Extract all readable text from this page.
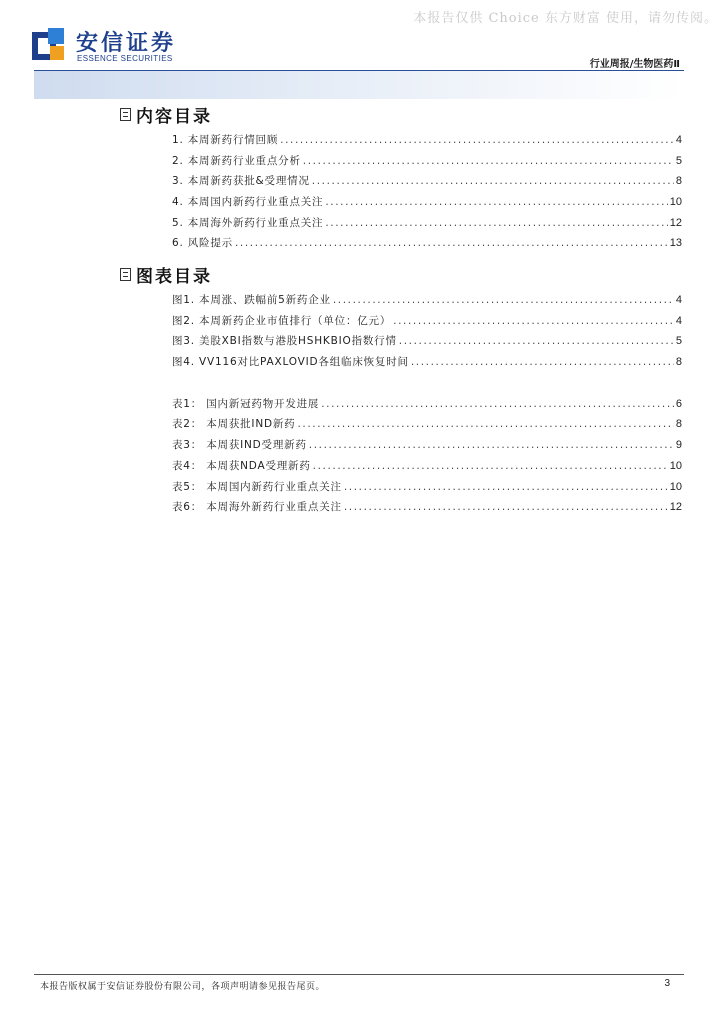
本报告仅供 Choice 东方财富 使用，请勿传阅。
安信证券
ESSENCE SECURITIES
行业周报/生物医药Ⅱ
内容目录
1. 本周新药行情回顾 .....	4
2. 本周新药行业重点分析 .....	5
3. 本周新药获批&受理情况 .....	8
4. 本周国内新药行业重点关注 .....	10
5. 本周海外新药行业重点关注 .....	12
6. 风险提示 .....	13
图表目录
图1. 本周涨、跌幅前5新药企业 .....	4
图2. 本周新药企业市值排行（单位：亿元） .....	4
图3. 美股XBI指数与港股HSHKBIO指数行情 .....	5
图4. VV116对比PAXLOVID各组临床恢复时间 .....	8
表1： 国内新冠药物开发进展 .....	6
表2： 本周获批IND新药 .....	8
表3： 本周获IND受理新药 .....	9
表4： 本周获NDA受理新药 .....	10
表5： 本周国内新药行业重点关注 .....	10
表6： 本周海外新药行业重点关注 .....	12
本报告版权属于安信证券股份有限公司，各项声明请参见报告尾页。	3
